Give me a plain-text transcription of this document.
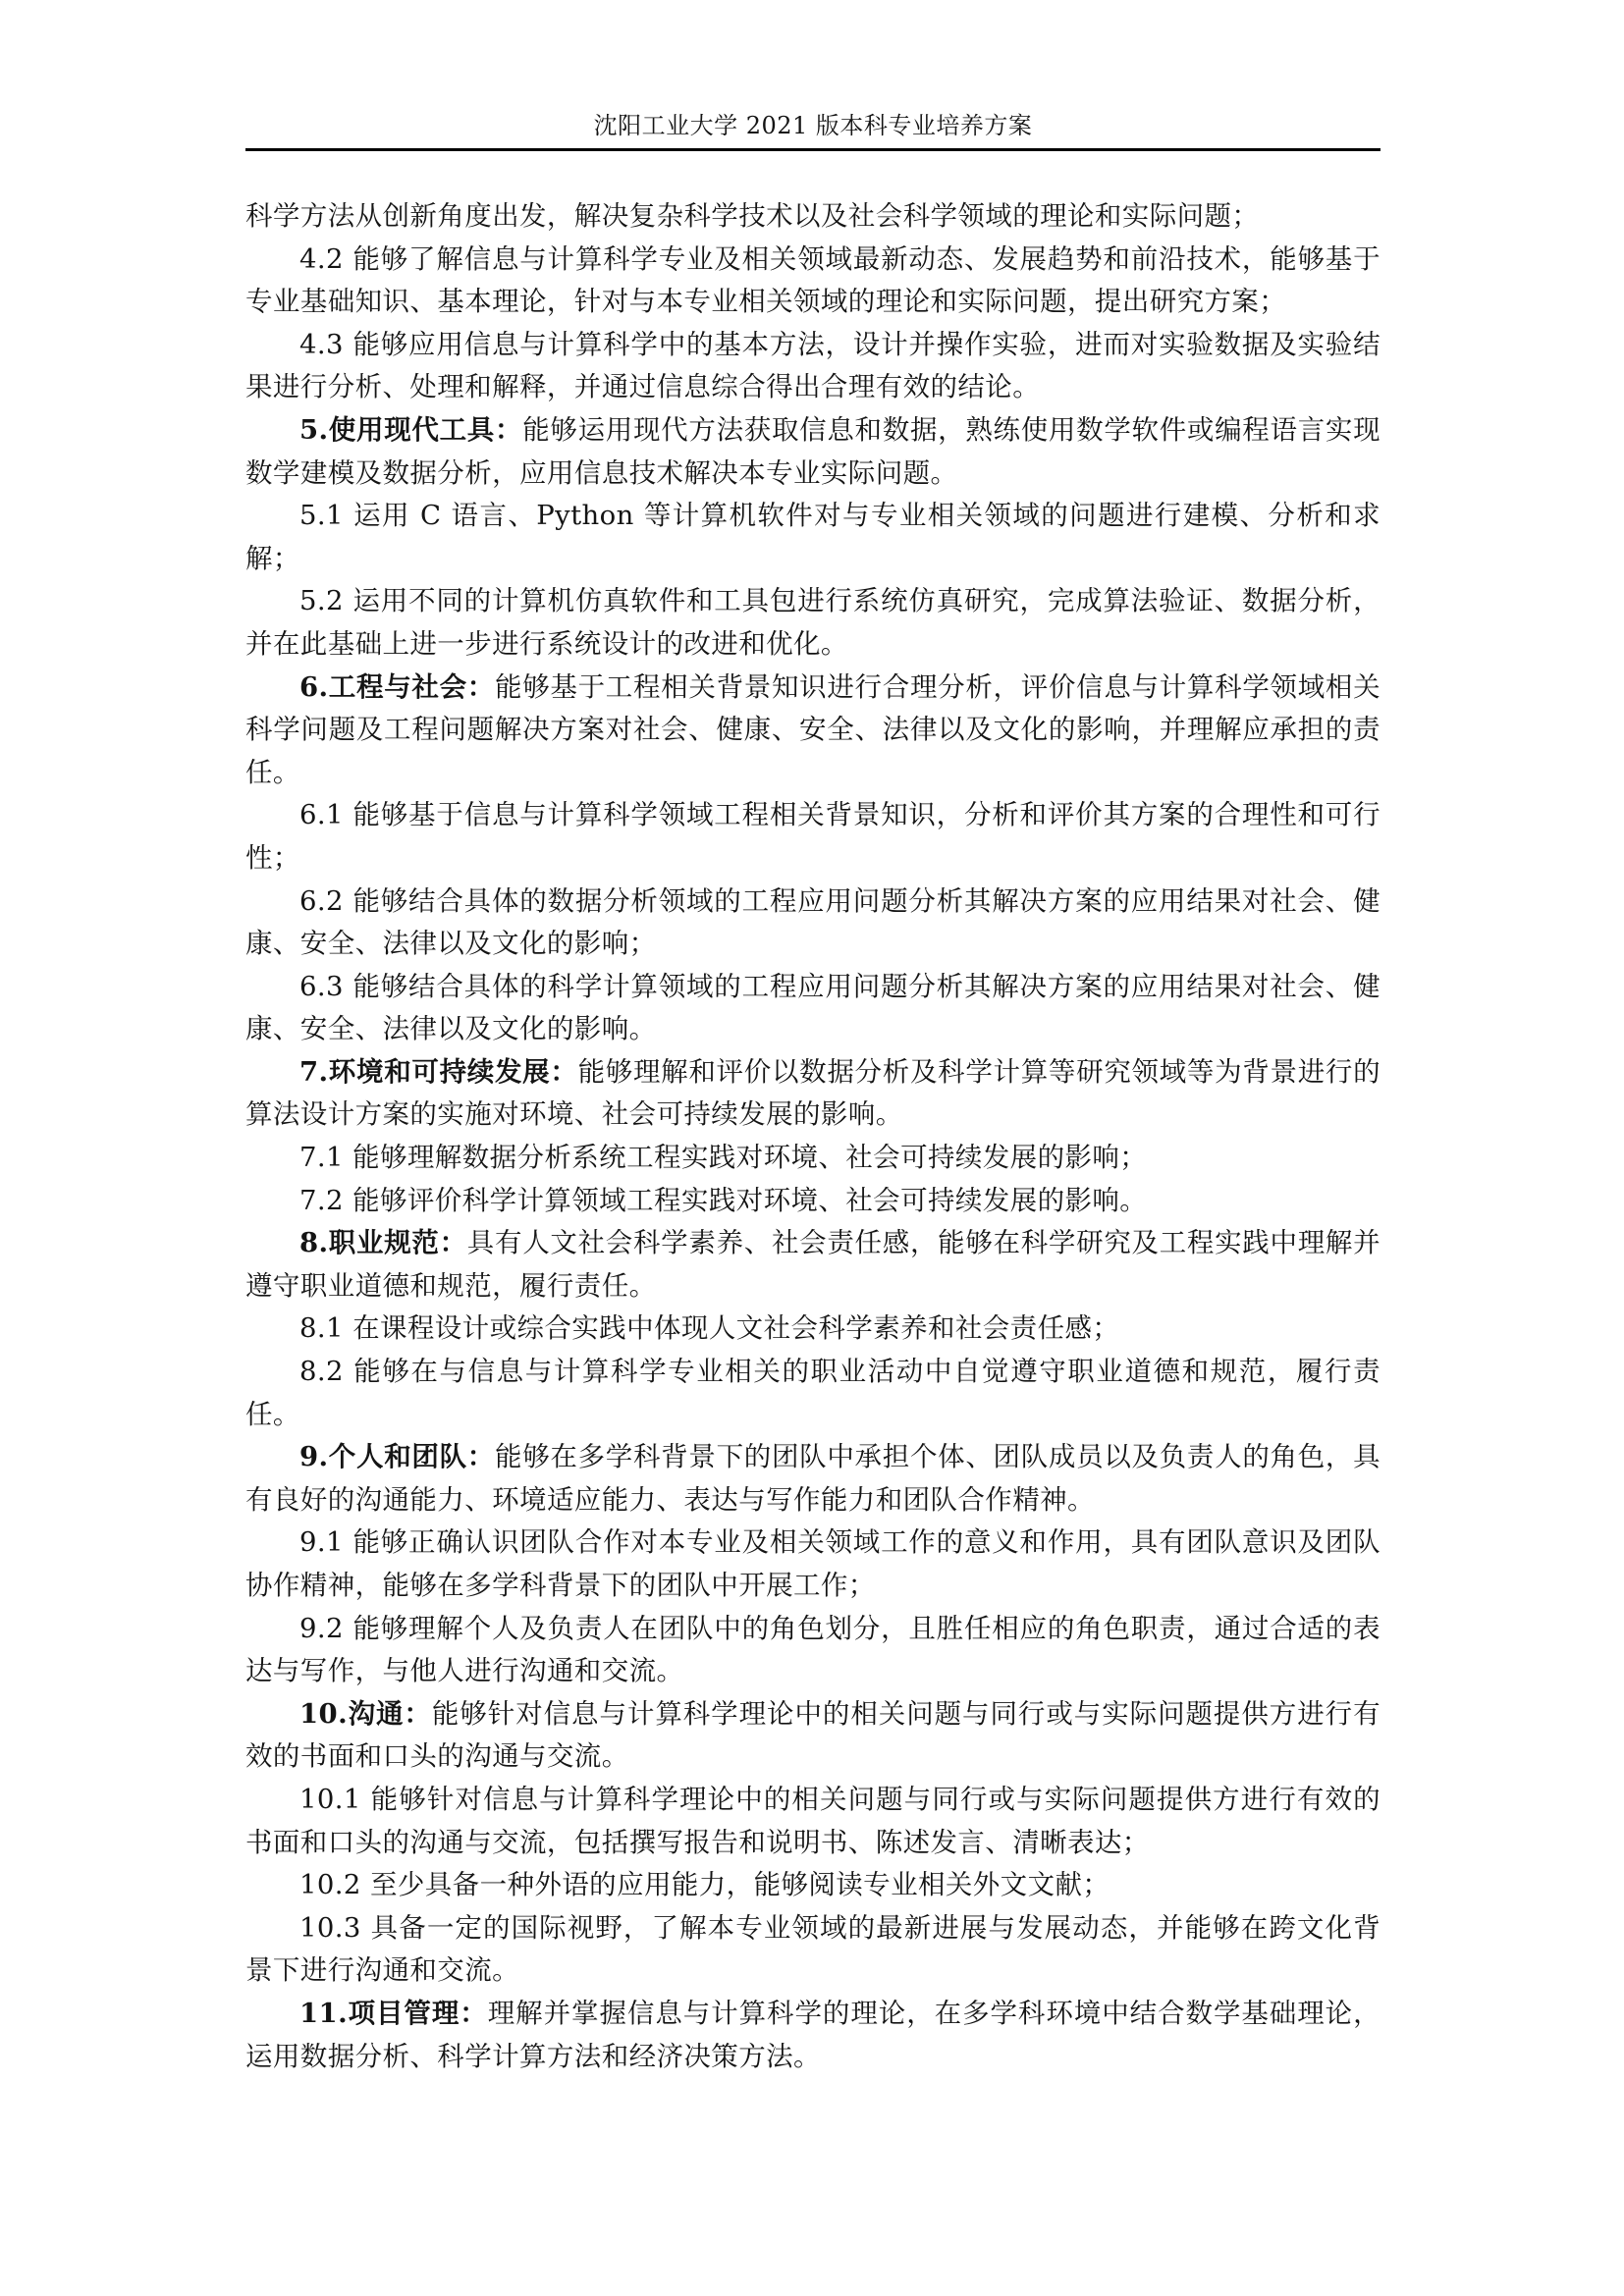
沈阳工业大学 2021 版本科专业培养方案

科学方法从创新角度出发，解决复杂科学技术以及社会科学领域的理论和实际问题；

4.2 能够了解信息与计算科学专业及相关领域最新动态、发展趋势和前沿技术，能够基于专业基础知识、基本理论，针对与本专业相关领域的理论和实际问题，提出研究方案；

4.3 能够应用信息与计算科学中的基本方法，设计并操作实验，进而对实验数据及实验结果进行分析、处理和解释，并通过信息综合得出合理有效的结论。

5.使用现代工具：能够运用现代方法获取信息和数据，熟练使用数学软件或编程语言实现数学建模及数据分析，应用信息技术解决本专业实际问题。

5.1 运用 C 语言、Python 等计算机软件对与专业相关领域的问题进行建模、分析和求解；

5.2 运用不同的计算机仿真软件和工具包进行系统仿真研究，完成算法验证、数据分析，并在此基础上进一步进行系统设计的改进和优化。

6.工程与社会：能够基于工程相关背景知识进行合理分析，评价信息与计算科学领域相关科学问题及工程问题解决方案对社会、健康、安全、法律以及文化的影响，并理解应承担的责任。

6.1 能够基于信息与计算科学领域工程相关背景知识，分析和评价其方案的合理性和可行性；

6.2 能够结合具体的数据分析领域的工程应用问题分析其解决方案的应用结果对社会、健康、安全、法律以及文化的影响；

6.3 能够结合具体的科学计算领域的工程应用问题分析其解决方案的应用结果对社会、健康、安全、法律以及文化的影响。

7.环境和可持续发展：能够理解和评价以数据分析及科学计算等研究领域等为背景进行的算法设计方案的实施对环境、社会可持续发展的影响。

7.1 能够理解数据分析系统工程实践对环境、社会可持续发展的影响；

7.2 能够评价科学计算领域工程实践对环境、社会可持续发展的影响。

8.职业规范：具有人文社会科学素养、社会责任感，能够在科学研究及工程实践中理解并遵守职业道德和规范，履行责任。

8.1 在课程设计或综合实践中体现人文社会科学素养和社会责任感；

8.2 能够在与信息与计算科学专业相关的职业活动中自觉遵守职业道德和规范，履行责任。

9.个人和团队：能够在多学科背景下的团队中承担个体、团队成员以及负责人的角色，具有良好的沟通能力、环境适应能力、表达与写作能力和团队合作精神。

9.1 能够正确认识团队合作对本专业及相关领域工作的意义和作用，具有团队意识及团队协作精神，能够在多学科背景下的团队中开展工作；

9.2 能够理解个人及负责人在团队中的角色划分，且胜任相应的角色职责，通过合适的表达与写作，与他人进行沟通和交流。

10.沟通：能够针对信息与计算科学理论中的相关问题与同行或与实际问题提供方进行有效的书面和口头的沟通与交流。

10.1 能够针对信息与计算科学理论中的相关问题与同行或与实际问题提供方进行有效的书面和口头的沟通与交流，包括撰写报告和说明书、陈述发言、清晰表达；

10.2 至少具备一种外语的应用能力，能够阅读专业相关外文文献；

10.3 具备一定的国际视野，了解本专业领域的最新进展与发展动态，并能够在跨文化背景下进行沟通和交流。

11.项目管理：理解并掌握信息与计算科学的理论，在多学科环境中结合数学基础理论，运用数据分析、科学计算方法和经济决策方法。
